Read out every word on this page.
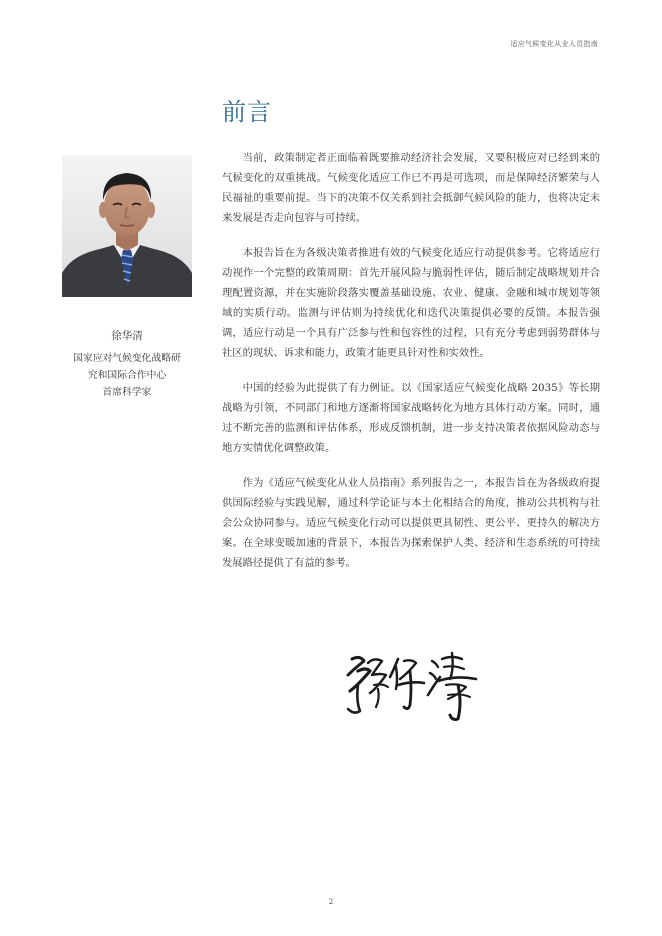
适应气候变化从业人员指南
前言
徐华清
国家应对气候变化战略研
究和国际合作中心
首席科学家

当前，政策制定者正面临着既要推动经济社会发展，又要积极应对已经到来的气候变化的双重挑战。气候变化适应工作已不再是可选项，而是保障经济繁荣与人民福祉的重要前提。当下的决策不仅关系到社会抵御气候风险的能力，也将决定未来发展是否走向包容与可持续。

本报告旨在为各级决策者推进有效的气候变化适应行动提供参考。它将适应行动视作一个完整的政策周期：首先开展风险与脆弱性评估，随后制定战略规划并合理配置资源，并在实施阶段落实覆盖基础设施、农业、健康、金融和城市规划等领域的实质行动。监测与评估则为持续优化和迭代决策提供必要的反馈。本报告强调，适应行动是一个具有广泛参与性和包容性的过程，只有充分考虑到弱势群体与社区的现状、诉求和能力，政策才能更具针对性和实效性。

中国的经验为此提供了有力例证。以《国家适应气候变化战略 2035》等长期战略为引领，不同部门和地方逐渐将国家战略转化为地方具体行动方案。同时，通过不断完善的监测和评估体系，形成反馈机制，进一步支持决策者依据风险动态与地方实情优化调整政策。

作为《适应气候变化从业人员指南》系列报告之一，本报告旨在为各级政府提供国际经验与实践见解，通过科学论证与本土化相结合的角度，推动公共机构与社会公众协同参与。适应气候变化行动可以提供更具韧性、更公平、更持久的解决方案。在全球变暖加速的背景下，本报告为探索保护人类、经济和生态系统的可持续发展路径提供了有益的参考。

2
